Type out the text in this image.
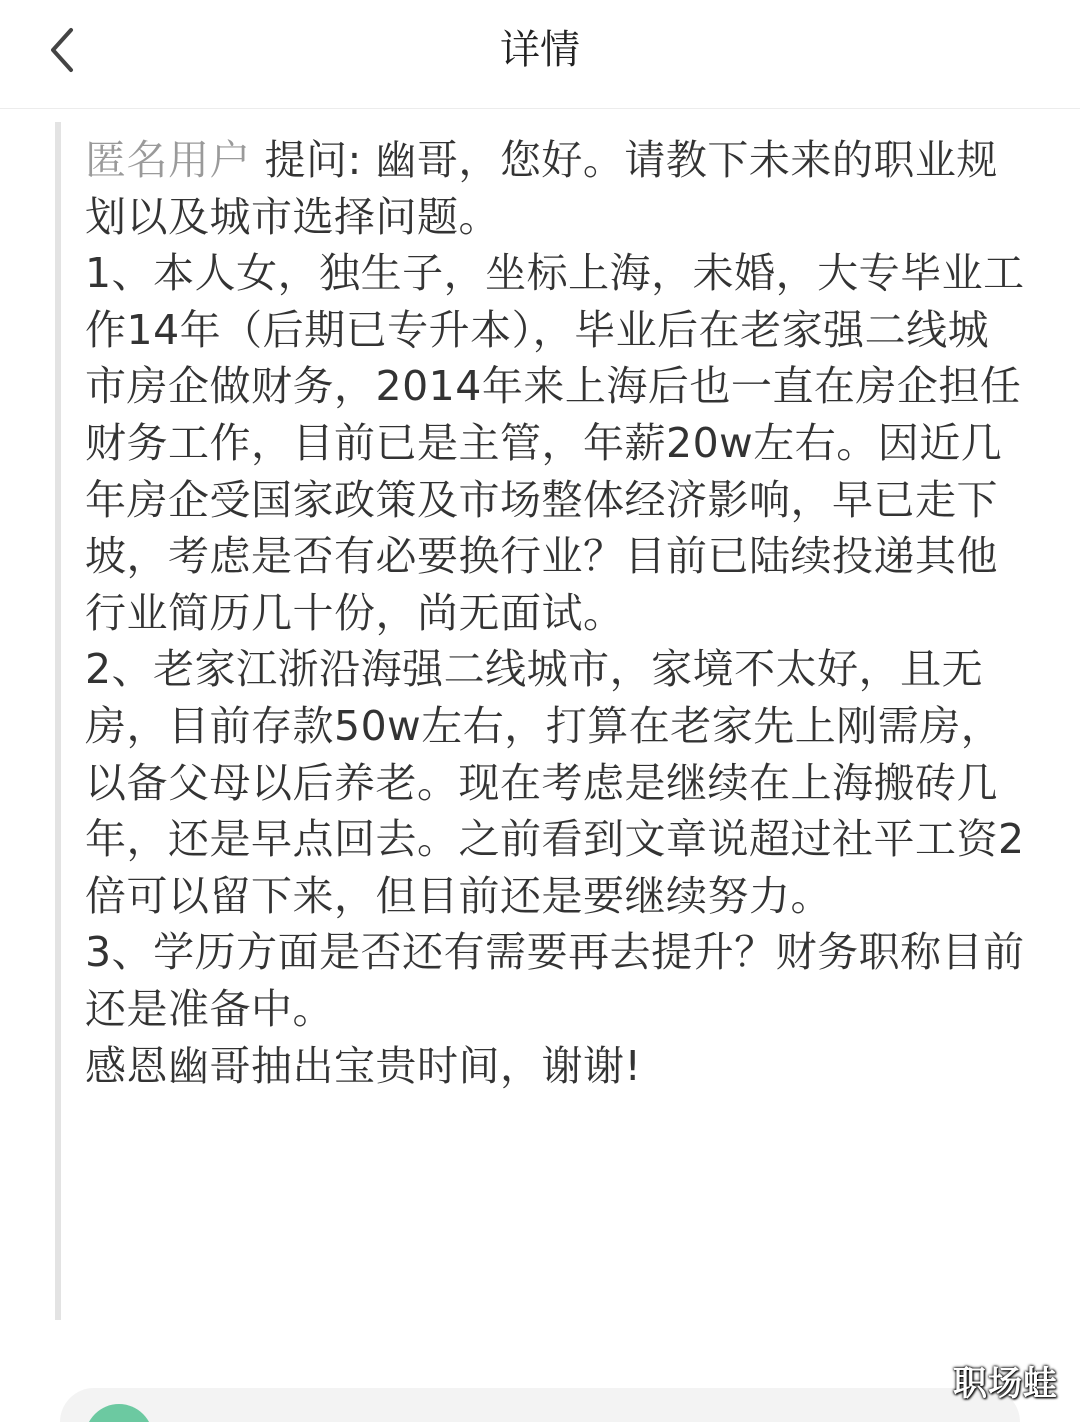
详情

匿名用户 提问: 幽哥，您好。请教下未来的职业规划以及城市选择问题。

1、本人女，独生子，坐标上海，未婚，大专毕业工作14年（后期已专升本），毕业后在老家强二线城市房企做财务，2014年来上海后也一直在房企担任财务工作，目前已是主管，年薪20w左右。因近几年房企受国家政策及市场整体经济影响，早已走下坡，考虑是否有必要换行业？目前已陆续投递其他行业简历几十份，尚无面试。

2、老家江浙沿海强二线城市，家境不太好，且无房，目前存款50w左右，打算在老家先上刚需房，以备父母以后养老。现在考虑是继续在上海搬砖几年，还是早点回去。之前看到文章说超过社平工资2倍可以留下来，但目前还是要继续努力。

3、学历方面是否还有需要再去提升？财务职称目前还是准备中。

感恩幽哥抽出宝贵时间，谢谢!

职场蛙
